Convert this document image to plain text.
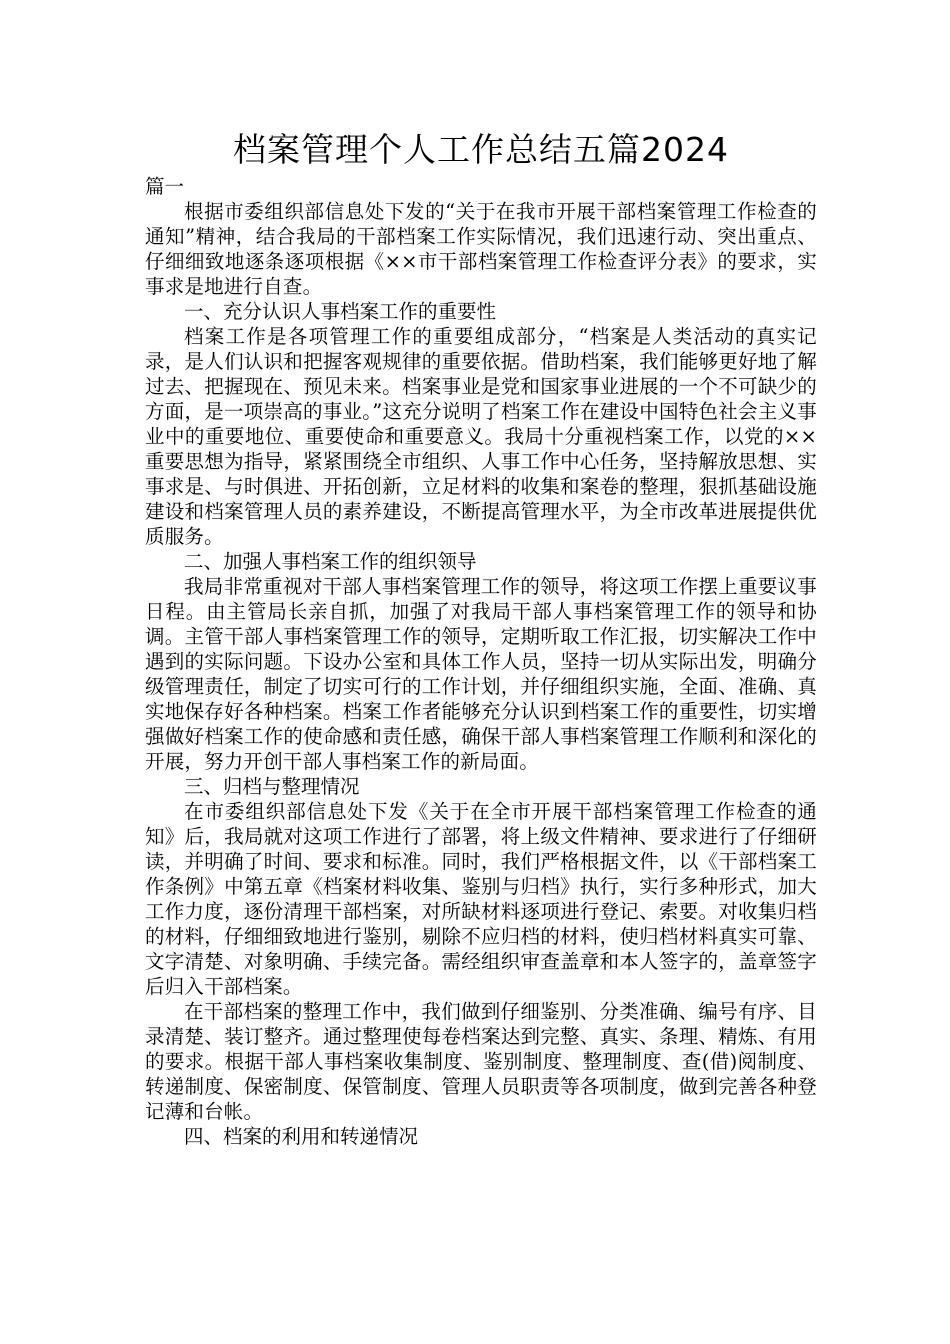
档案管理个人工作总结五篇2024

篇一

根据市委组织部信息处下发的“关于在我市开展干部档案管理工作检查的通知”精神，结合我局的干部档案工作实际情况，我们迅速行动、突出重点、仔细细致地逐条逐项根据《××市干部档案管理工作检查评分表》的要求，实事求是地进行自查。

一、充分认识人事档案工作的重要性

档案工作是各项管理工作的重要组成部分，“档案是人类活动的真实记录，是人们认识和把握客观规律的重要依据。借助档案，我们能够更好地了解过去、把握现在、预见未来。档案事业是党和国家事业进展的一个不可缺少的方面，是一项崇高的事业。”这充分说明了档案工作在建设中国特色社会主义事业中的重要地位、重要使命和重要意义。我局十分重视档案工作，以党的××重要思想为指导，紧紧围绕全市组织、人事工作中心任务，坚持解放思想、实事求是、与时俱进、开拓创新，立足材料的收集和案卷的整理，狠抓基础设施建设和档案管理人员的素养建设，不断提高管理水平，为全市改革进展提供优质服务。

二、加强人事档案工作的组织领导

我局非常重视对干部人事档案管理工作的领导，将这项工作摆上重要议事日程。由主管局长亲自抓，加强了对我局干部人事档案管理工作的领导和协调。主管干部人事档案管理工作的领导，定期听取工作汇报，切实解决工作中遇到的实际问题。下设办公室和具体工作人员，坚持一切从实际出发，明确分级管理责任，制定了切实可行的工作计划，并仔细组织实施，全面、准确、真实地保存好各种档案。档案工作者能够充分认识到档案工作的重要性，切实增强做好档案工作的使命感和责任感，确保干部人事档案管理工作顺利和深化的开展，努力开创干部人事档案工作的新局面。

三、归档与整理情况

在市委组织部信息处下发《关于在全市开展干部档案管理工作检查的通知》后，我局就对这项工作进行了部署，将上级文件精神、要求进行了仔细研读，并明确了时间、要求和标准。同时，我们严格根据文件，以《干部档案工作条例》中第五章《档案材料收集、鉴别与归档》执行，实行多种形式，加大工作力度，逐份清理干部档案，对所缺材料逐项进行登记、索要。对收集归档的材料，仔细细致地进行鉴别，剔除不应归档的材料，使归档材料真实可靠、文字清楚、对象明确、手续完备。需经组织审查盖章和本人签字的，盖章签字后归入干部档案。

在干部档案的整理工作中，我们做到仔细鉴别、分类准确、编号有序、目录清楚、装订整齐。通过整理使每卷档案达到完整、真实、条理、精炼、有用的要求。根据干部人事档案收集制度、鉴别制度、整理制度、查(借)阅制度、转递制度、保密制度、保管制度、管理人员职责等各项制度，做到完善各种登记薄和台帐。

四、档案的利用和转递情况
